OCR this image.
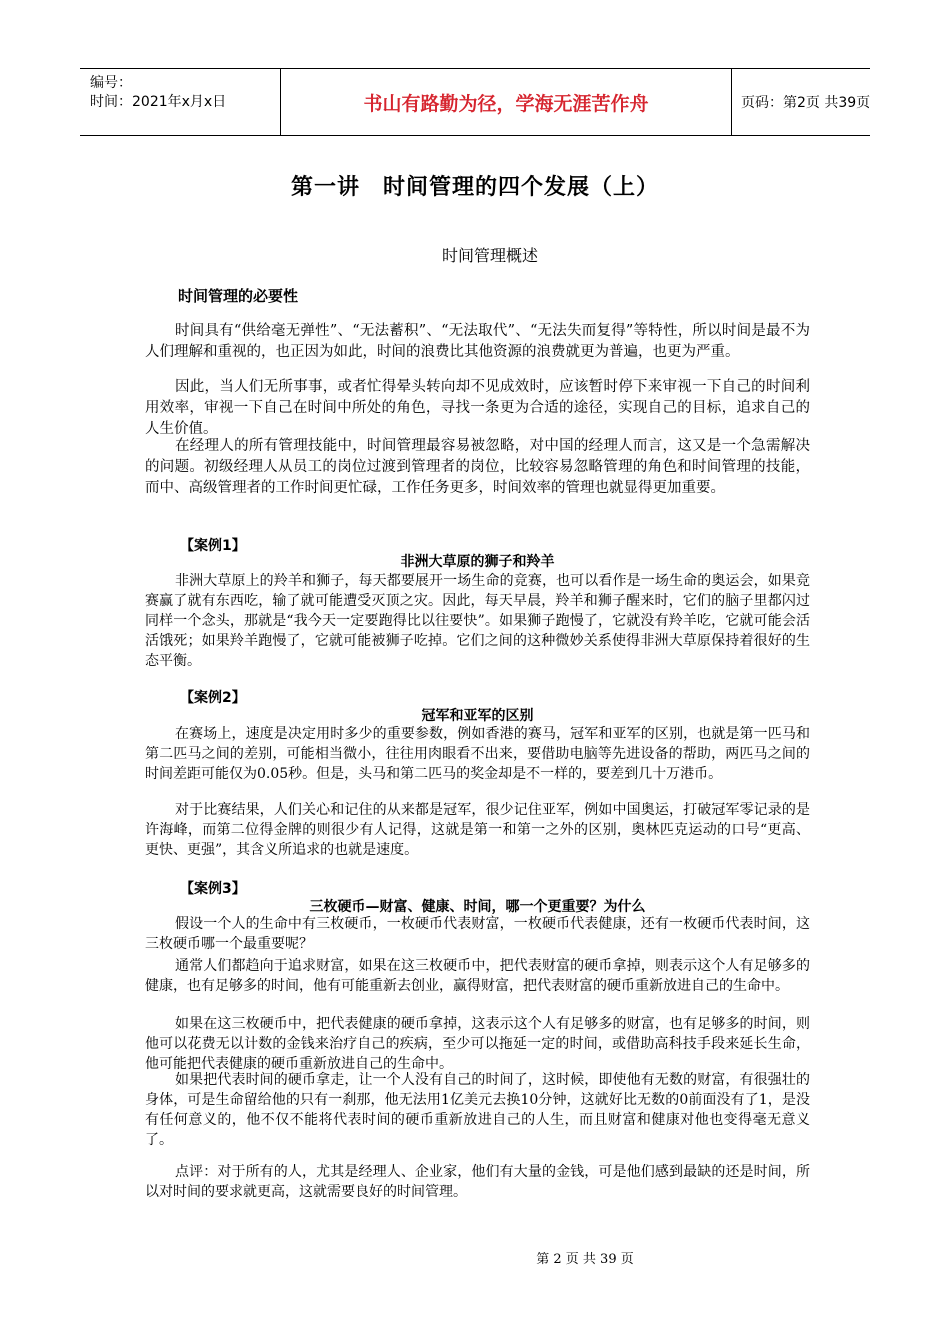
编号：
时间：2021年x月x日	书山有路勤为径，学海无涯苦作舟	页码：第2页 共39页
第一讲　时间管理的四个发展（上）
时间管理概述
时间管理的必要性
时间具有“供给毫无弹性”、“无法蓄积”、“无法取代”、“无法失而复得”等特性，所以时间是最不为人们理解和重视的，也正因为如此，时间的浪费比其他资源的浪费就更为普遍，也更为严重。
因此，当人们无所事事，或者忙得晕头转向却不见成效时，应该暂时停下来审视一下自己的时间利用效率，审视一下自己在时间中所处的角色，寻找一条更为合适的途径，实现自己的目标，追求自己的人生价值。
在经理人的所有管理技能中，时间管理最容易被忽略，对中国的经理人而言，这又是一个急需解决的问题。初级经理人从员工的岗位过渡到管理者的岗位，比较容易忽略管理的角色和时间管理的技能，而中、高级管理者的工作时间更忙碌，工作任务更多，时间效率的管理也就显得更加重要。
【案例1】
非洲大草原的狮子和羚羊
非洲大草原上的羚羊和狮子，每天都要展开一场生命的竞赛，也可以看作是一场生命的奥运会，如果竞赛赢了就有东西吃，输了就可能遭受灭顶之灾。因此，每天早晨，羚羊和狮子醒来时，它们的脑子里都闪过同样一个念头，那就是“我今天一定要跑得比以往要快”。如果狮子跑慢了，它就没有羚羊吃，它就可能会活活饿死；如果羚羊跑慢了，它就可能被狮子吃掉。它们之间的这种微妙关系使得非洲大草原保持着很好的生态平衡。
【案例2】
冠军和亚军的区别
在赛场上，速度是决定用时多少的重要参数，例如香港的赛马，冠军和亚军的区别，也就是第一匹马和第二匹马之间的差别，可能相当微小，往往用肉眼看不出来，要借助电脑等先进设备的帮助，两匹马之间的时间差距可能仅为0.05秒。但是，头马和第二匹马的奖金却是不一样的，要差到几十万港币。
对于比赛结果，人们关心和记住的从来都是冠军，很少记住亚军，例如中国奥运，打破冠军零记录的是许海峰，而第二位得金牌的则很少有人记得，这就是第一和第一之外的区别，奥林匹克运动的口号“更高、更快、更强”，其含义所追求的也就是速度。
【案例3】
三枚硬币—财富、健康、时间，哪一个更重要？为什么
假设一个人的生命中有三枚硬币，一枚硬币代表财富，一枚硬币代表健康，还有一枚硬币代表时间，这三枚硬币哪一个最重要呢？
通常人们都趋向于追求财富，如果在这三枚硬币中，把代表财富的硬币拿掉，则表示这个人有足够多的健康，也有足够多的时间，他有可能重新去创业，赢得财富，把代表财富的硬币重新放进自己的生命中。
如果在这三枚硬币中，把代表健康的硬币拿掉，这表示这个人有足够多的财富，也有足够多的时间，则他可以花费无以计数的金钱来治疗自己的疾病，至少可以拖延一定的时间，或借助高科技手段来延长生命，他可能把代表健康的硬币重新放进自己的生命中。
如果把代表时间的硬币拿走，让一个人没有自己的时间了，这时候，即使他有无数的财富，有很强壮的身体，可是生命留给他的只有一刹那，他无法用1亿美元去换10分钟，这就好比无数的0前面没有了1，是没有任何意义的，他不仅不能将代表时间的硬币重新放进自己的人生，而且财富和健康对他也变得毫无意义了。
点评：对于所有的人，尤其是经理人、企业家，他们有大量的金钱，可是他们感到最缺的还是时间，所以对时间的要求就更高，这就需要良好的时间管理。
第 2 页 共 39 页
